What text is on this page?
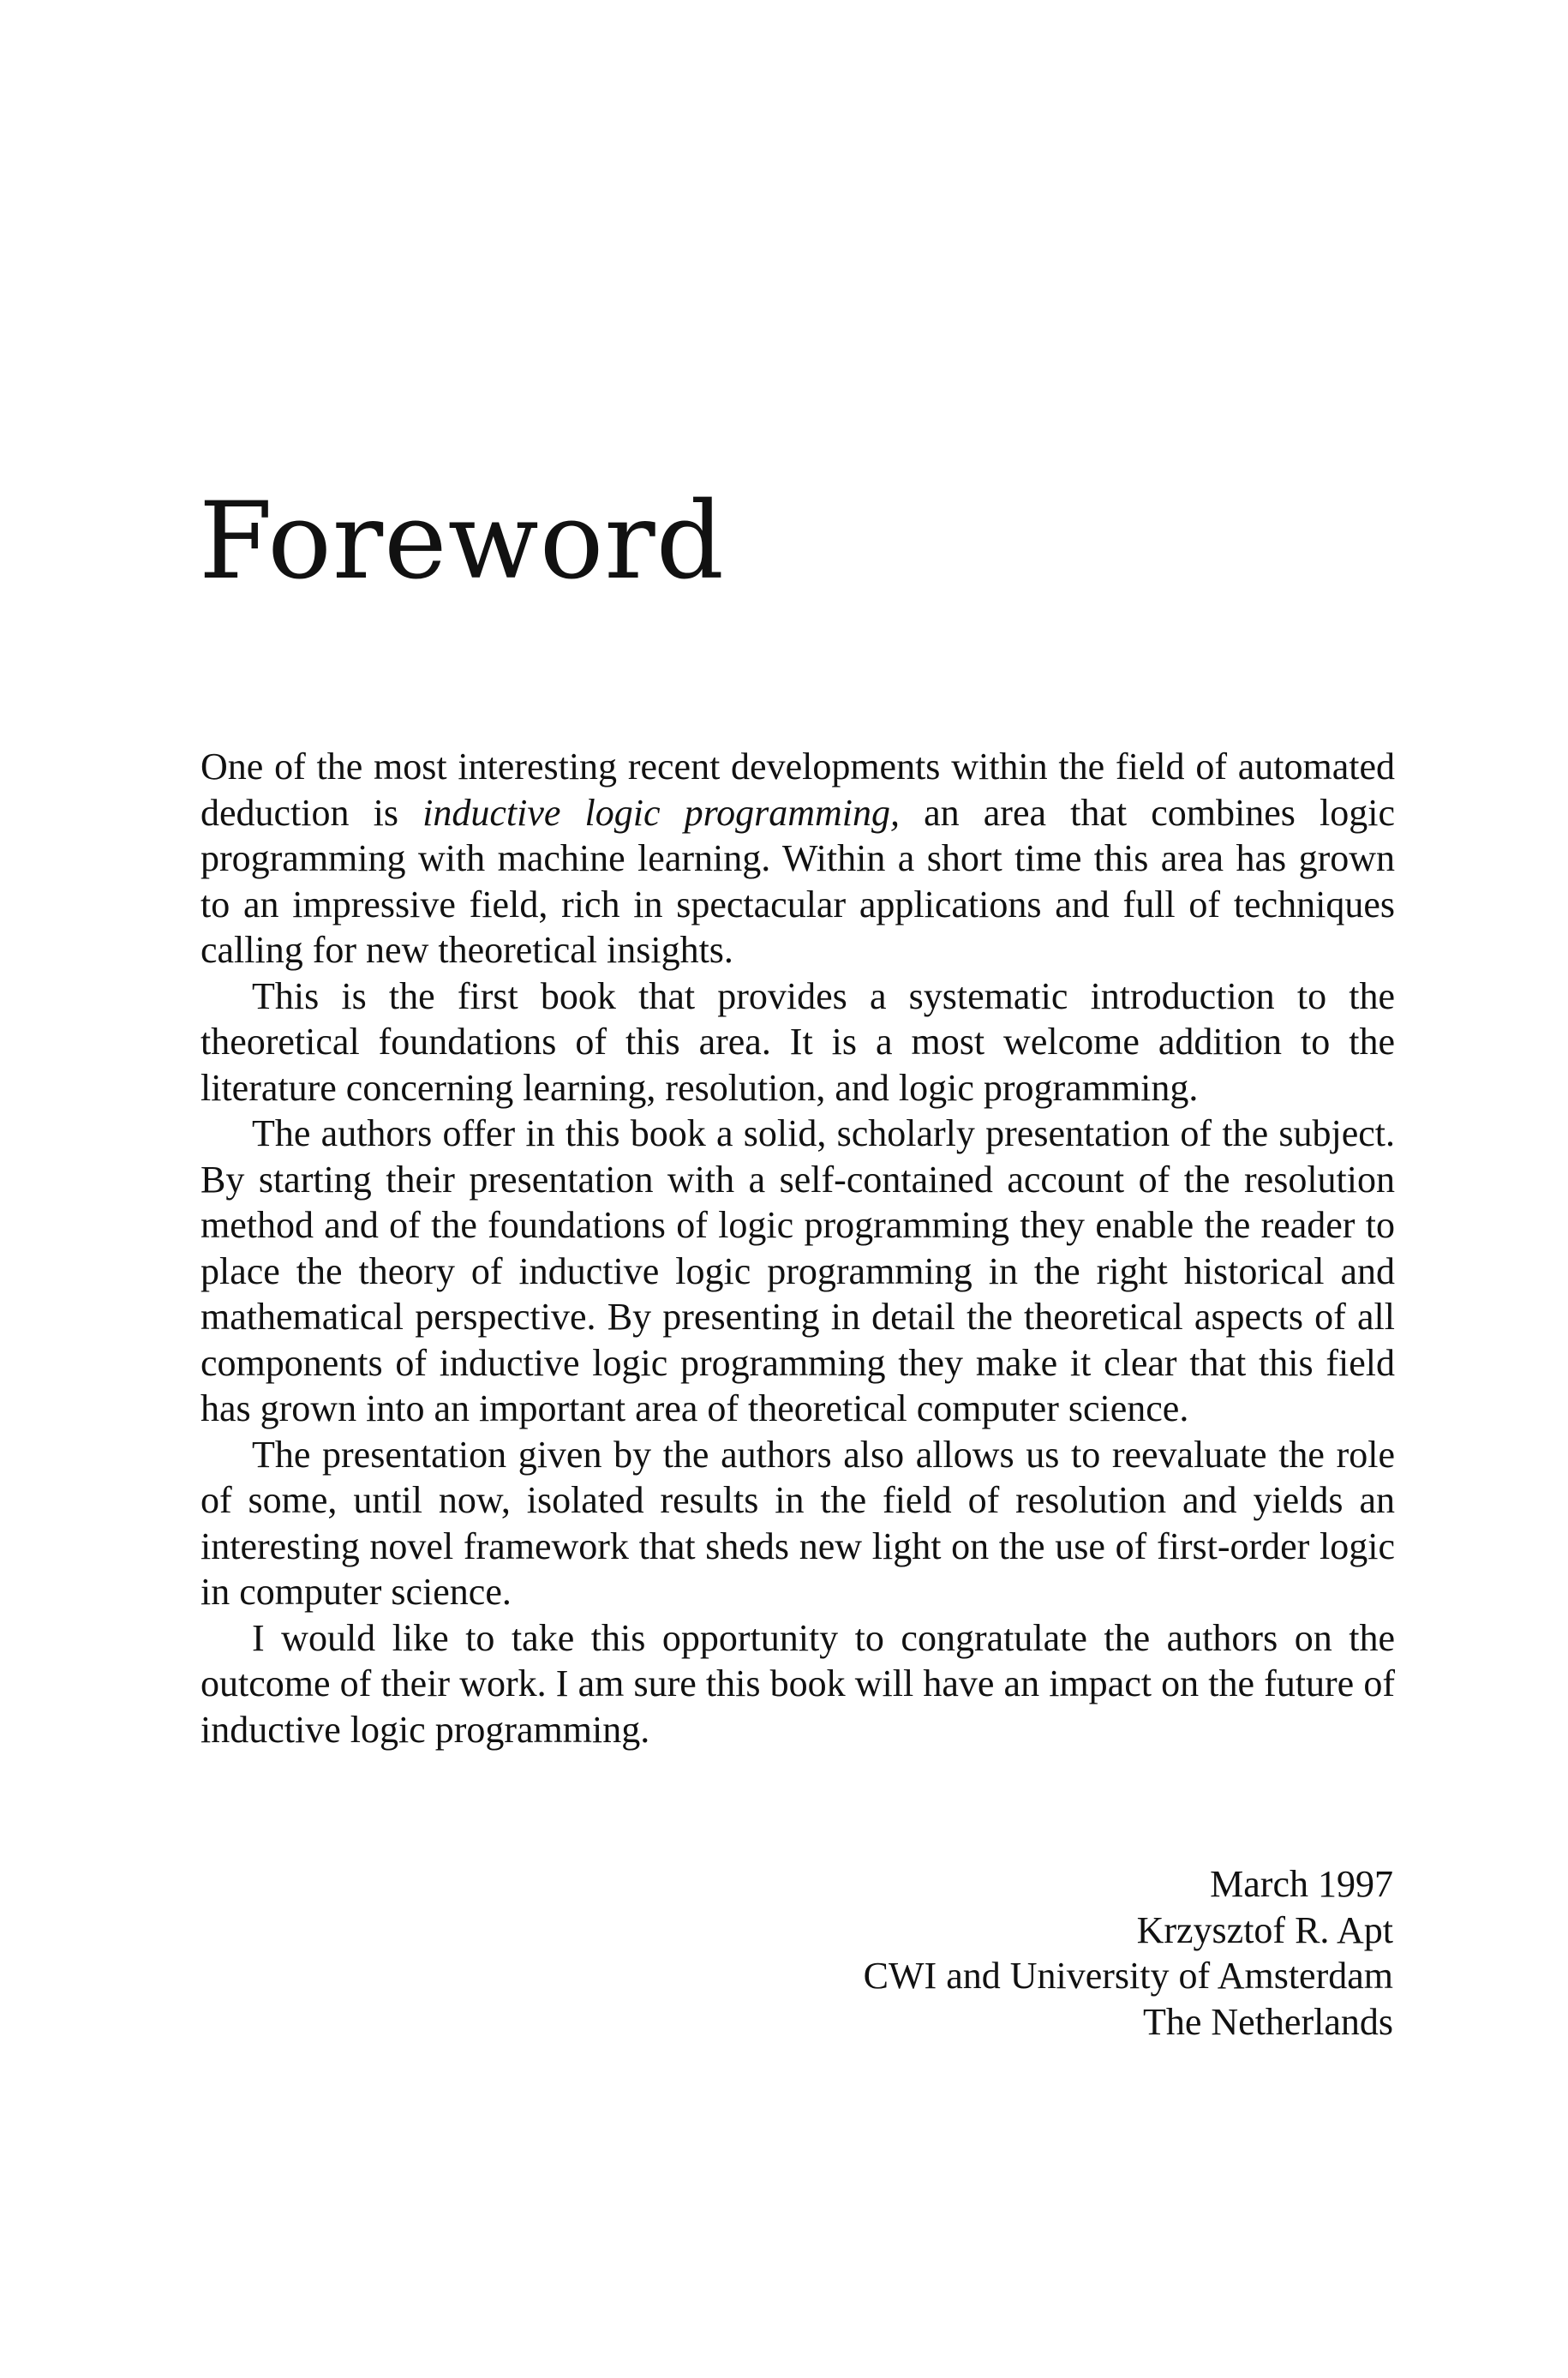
Foreword

One of the most interesting recent developments within the field of automated deduction is inductive logic programming, an area that combines logic programming with machine learning. Within a short time this area has grown to an impressive field, rich in spectacular applications and full of techniques calling for new theoretical insights.

This is the first book that provides a systematic introduction to the theoretical foundations of this area. It is a most welcome addition to the literature concerning learning, resolution, and logic programming.

The authors offer in this book a solid, scholarly presentation of the subject. By starting their presentation with a self-contained account of the resolution method and of the foundations of logic programming they enable the reader to place the theory of inductive logic programming in the right historical and mathematical perspective. By presenting in detail the theoretical aspects of all components of inductive logic programming they make it clear that this field has grown into an important area of theoretical computer science.

The presentation given by the authors also allows us to reevaluate the role of some, until now, isolated results in the field of resolution and yields an interesting novel framework that sheds new light on the use of first-order logic in computer science.

I would like to take this opportunity to congratulate the authors on the outcome of their work. I am sure this book will have an impact on the future of inductive logic programming.

March 1997
Krzysztof R. Apt
CWI and University of Amsterdam
The Netherlands
